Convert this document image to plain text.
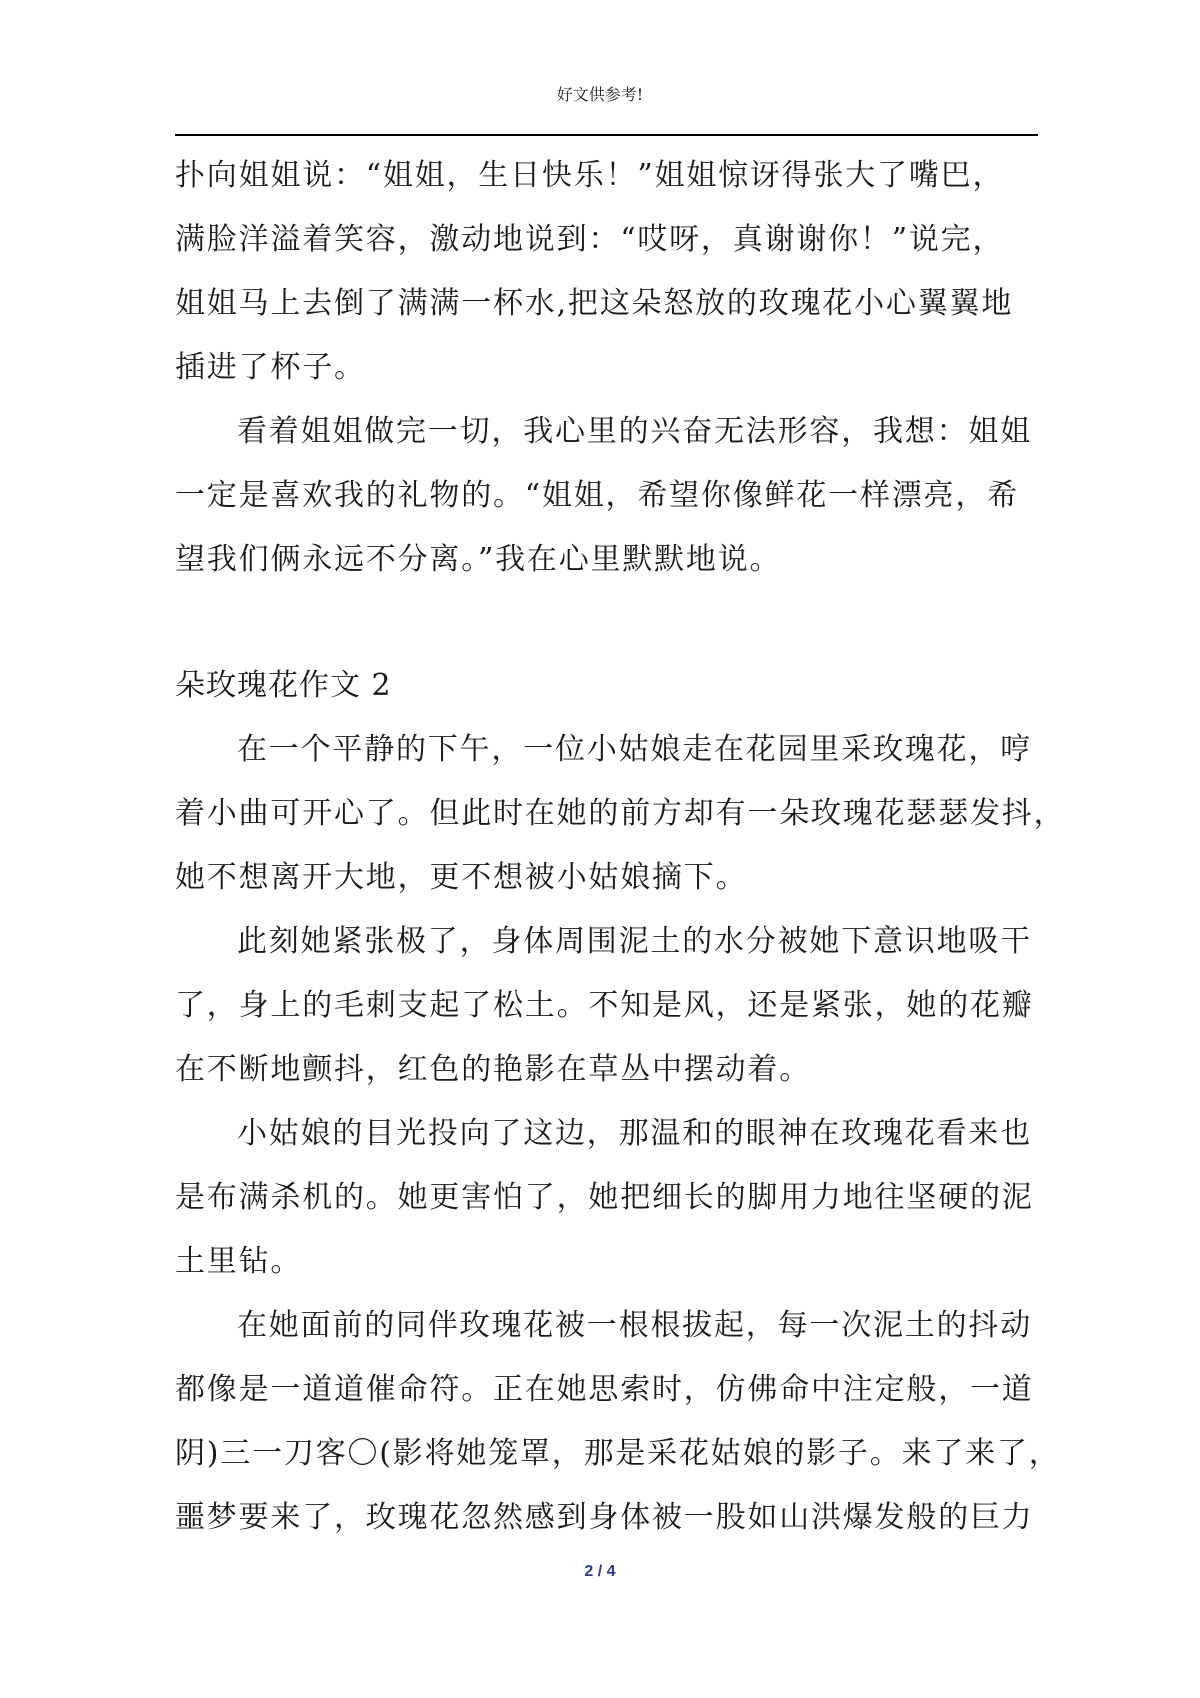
好文供参考!
扑向姐姐说：“姐姐，生日快乐！”姐姐惊讶得张大了嘴巴，
满脸洋溢着笑容，激动地说到：“哎呀，真谢谢你！”说完，
姐姐马上去倒了满满一杯水,把这朵怒放的玫瑰花小心翼翼地
插进了杯子。
看着姐姐做完一切，我心里的兴奋无法形容，我想：姐姐
一定是喜欢我的礼物的。“姐姐，希望你像鲜花一样漂亮，希
望我们俩永远不分离。”我在心里默默地说。
朵玫瑰花作文 2
在一个平静的下午，一位小姑娘走在花园里采玫瑰花，哼
着小曲可开心了。但此时在她的前方却有一朵玫瑰花瑟瑟发抖，
她不想离开大地，更不想被小姑娘摘下。
此刻她紧张极了，身体周围泥土的水分被她下意识地吸干
了，身上的毛刺支起了松土。不知是风，还是紧张，她的花瓣
在不断地颤抖，红色的艳影在草丛中摆动着。
小姑娘的目光投向了这边，那温和的眼神在玫瑰花看来也
是布满杀机的。她更害怕了，她把细长的脚用力地往坚硬的泥
土里钻。
在她面前的同伴玫瑰花被一根根拔起，每一次泥土的抖动
都像是一道道催命符。正在她思索时，仿佛命中注定般，一道
阴)三一刀客〇(影将她笼罩，那是采花姑娘的影子。来了来了，
噩梦要来了，玫瑰花忽然感到身体被一股如山洪爆发般的巨力
2 / 4
